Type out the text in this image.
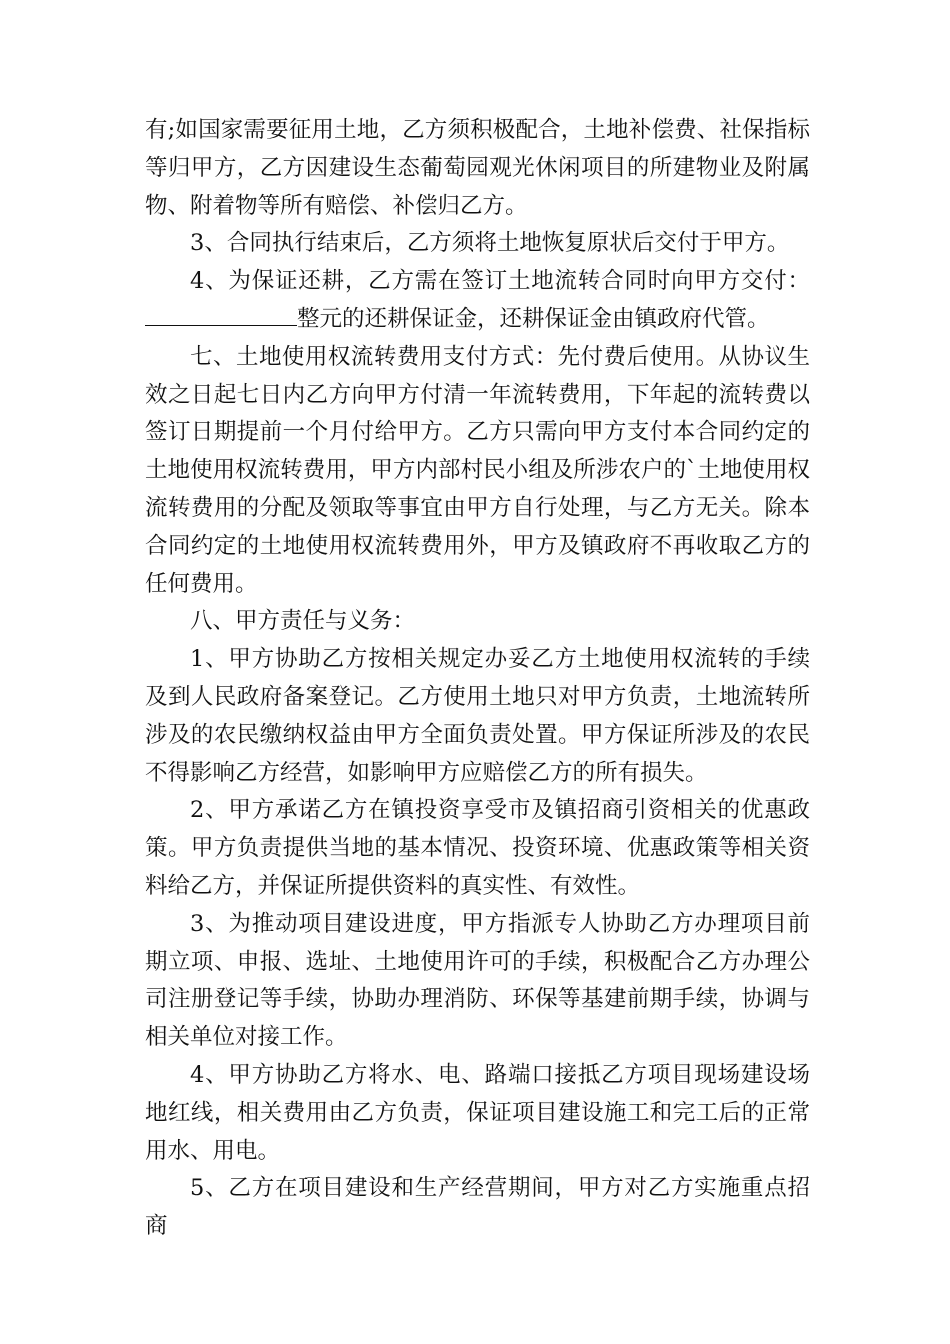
有;如国家需要征用土地，乙方须积极配合，土地补偿费、社保指标等归甲方，乙方因建设生态葡萄园观光休闲项目的所建物业及附属物、附着物等所有赔偿、补偿归乙方。

3、合同执行结束后，乙方须将土地恢复原状后交付于甲方。

4、为保证还耕，乙方需在签订土地流转合同时向甲方交付：整元的还耕保证金，还耕保证金由镇政府代管。

七、土地使用权流转费用支付方式：先付费后使用。从协议生效之日起七日内乙方向甲方付清一年流转费用，下年起的流转费以签订日期提前一个月付给甲方。乙方只需向甲方支付本合同约定的土地使用权流转费用，甲方内部村民小组及所涉农户的`土地使用权流转费用的分配及领取等事宜由甲方自行处理，与乙方无关。除本合同约定的土地使用权流转费用外，甲方及镇政府不再收取乙方的任何费用。

八、甲方责任与义务：

1、甲方协助乙方按相关规定办妥乙方土地使用权流转的手续及到人民政府备案登记。乙方使用土地只对甲方负责，土地流转所涉及的农民缴纳权益由甲方全面负责处置。甲方保证所涉及的农民不得影响乙方经营，如影响甲方应赔偿乙方的所有损失。

2、甲方承诺乙方在镇投资享受市及镇招商引资相关的优惠政策。甲方负责提供当地的基本情况、投资环境、优惠政策等相关资料给乙方，并保证所提供资料的真实性、有效性。

3、为推动项目建设进度，甲方指派专人协助乙方办理项目前期立项、申报、选址、土地使用许可的手续，积极配合乙方办理公司注册登记等手续，协助办理消防、环保等基建前期手续，协调与相关单位对接工作。

4、甲方协助乙方将水、电、路端口接抵乙方项目现场建设场地红线，相关费用由乙方负责，保证项目建设施工和完工后的正常用水、用电。

5、乙方在项目建设和生产经营期间，甲方对乙方实施重点招商
